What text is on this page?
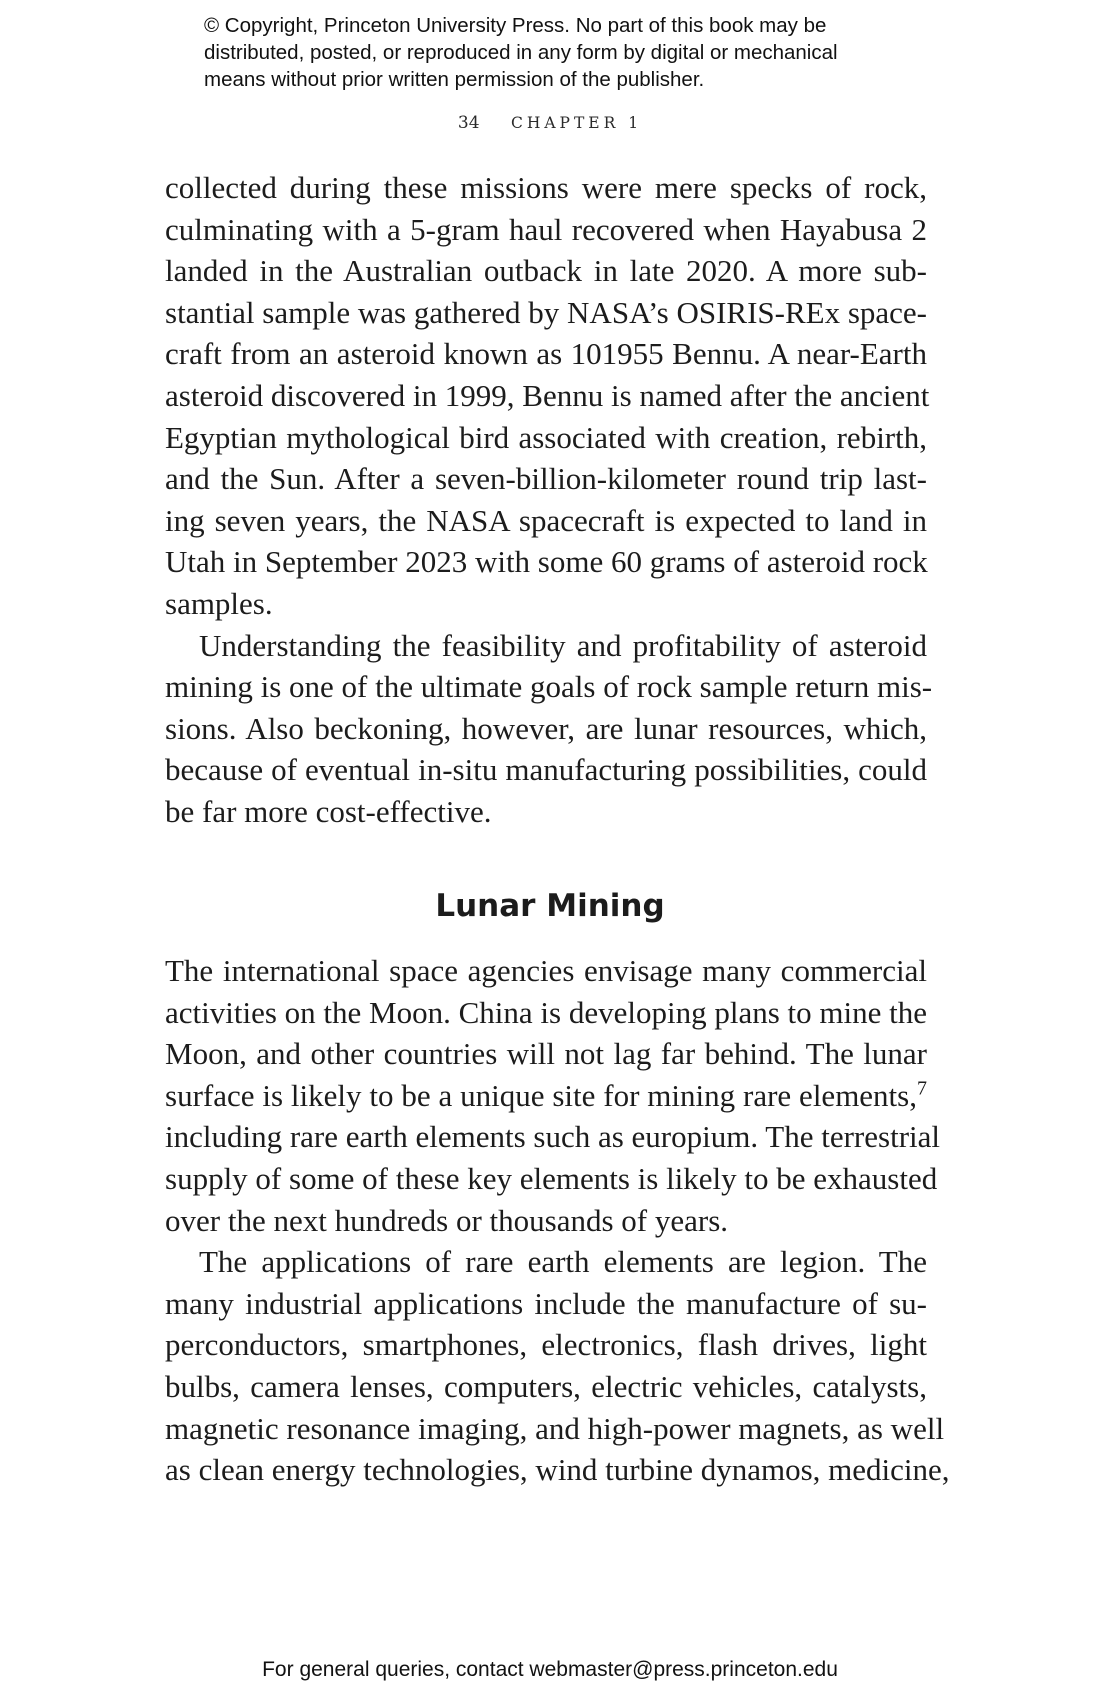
© Copyright, Princeton University Press. No part of this book may be
distributed, posted, or reproduced in any form by digital or mechanical
means without prior written permission of the publisher.
34 CHAPTER 1
collected during these missions were mere specks of rock,
culminating with a 5-gram haul recovered when Hayabusa 2
landed in the Australian outback in late 2020. A more sub-
stantial sample was gathered by NASA’s OSIRIS-REx space-
craft from an asteroid known as 101955 Bennu. A near-Earth
asteroid discovered in 1999, Bennu is named after the ancient
Egyptian mythological bird associated with creation, rebirth,
and the Sun. After a seven-billion-kilometer round trip last-
ing seven years, the NASA spacecraft is expected to land in
Utah in September 2023 with some 60 grams of asteroid rock
samples.
Understanding the feasibility and profitability of asteroid
mining is one of the ultimate goals of rock sample return mis-
sions. Also beckoning, however, are lunar resources, which,
because of eventual in-situ manufacturing possibilities, could
be far more cost-effective.
Lunar Mining
The international space agencies envisage many commercial
activities on the Moon. China is developing plans to mine the
Moon, and other countries will not lag far behind. The lunar
surface is likely to be a unique site for mining rare elements,$^7$
including rare earth elements such as europium. The terrestrial
supply of some of these key elements is likely to be exhausted
over the next hundreds or thousands of years.
The applications of rare earth elements are legion. The
many industrial applications include the manufacture of su-
perconductors, smartphones, electronics, flash drives, light
bulbs, camera lenses, computers, electric vehicles, catalysts,
magnetic resonance imaging, and high-power magnets, as well
as clean energy technologies, wind turbine dynamos, medicine,
For general queries, contact webmaster@press.princeton.edu
